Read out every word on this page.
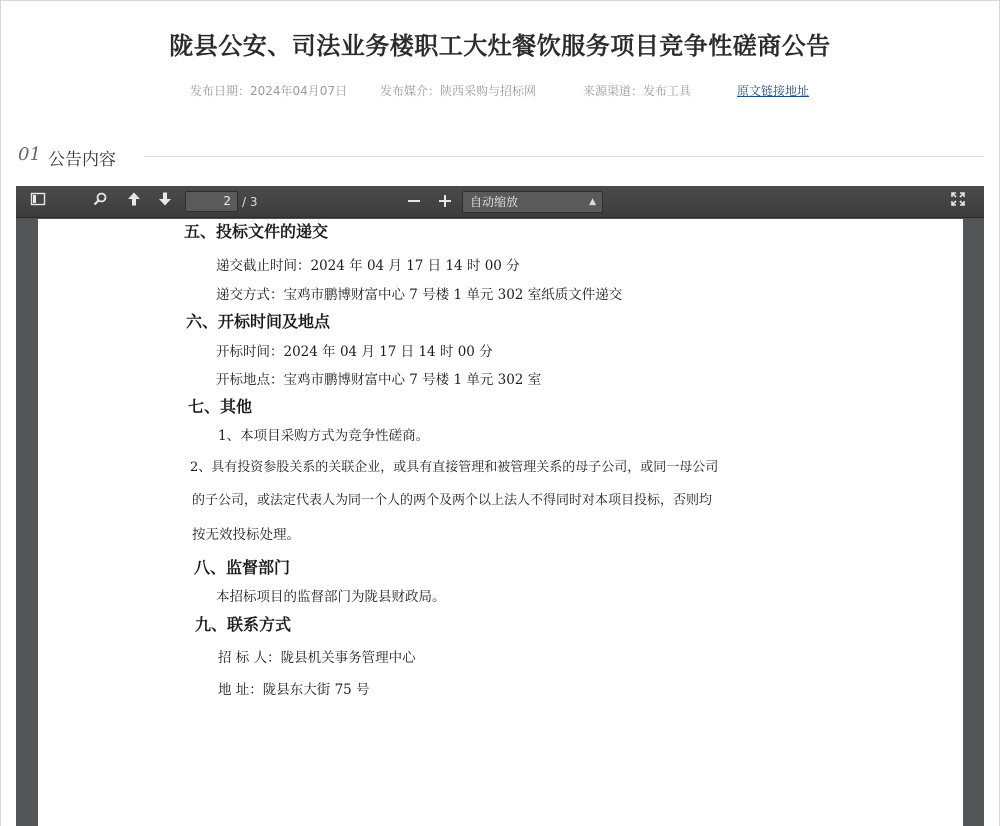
陇县公安、司法业务楼职工大灶餐饮服务项目竞争性磋商公告
发布日期：2024年04月07日	发布媒介：陕西采购与招标网	来源渠道：发布工具	原文链接地址
01 公告内容
2 / 3	自动缩放	▲

五、投标文件的递交
递交截止时间：2024 年 04 月 17 日 14 时 00 分
递交方式：宝鸡市鹏博财富中心 7 号楼 1 单元 302 室纸质文件递交
六、开标时间及地点
开标时间：2024 年 04 月 17 日 14 时 00 分
开标地点：宝鸡市鹏博财富中心 7 号楼 1 单元 302 室
七、其他
1、本项目采购方式为竞争性磋商。
2、具有投资参股关系的关联企业，或具有直接管理和被管理关系的母子公司，或同一母公司
的子公司，或法定代表人为同一个人的两个及两个以上法人不得同时对本项目投标，否则均
按无效投标处理。
八、监督部门
本招标项目的监督部门为陇县财政局。
九、联系方式
招 标 人：陇县机关事务管理中心
地 址：陇县东大街 75 号
